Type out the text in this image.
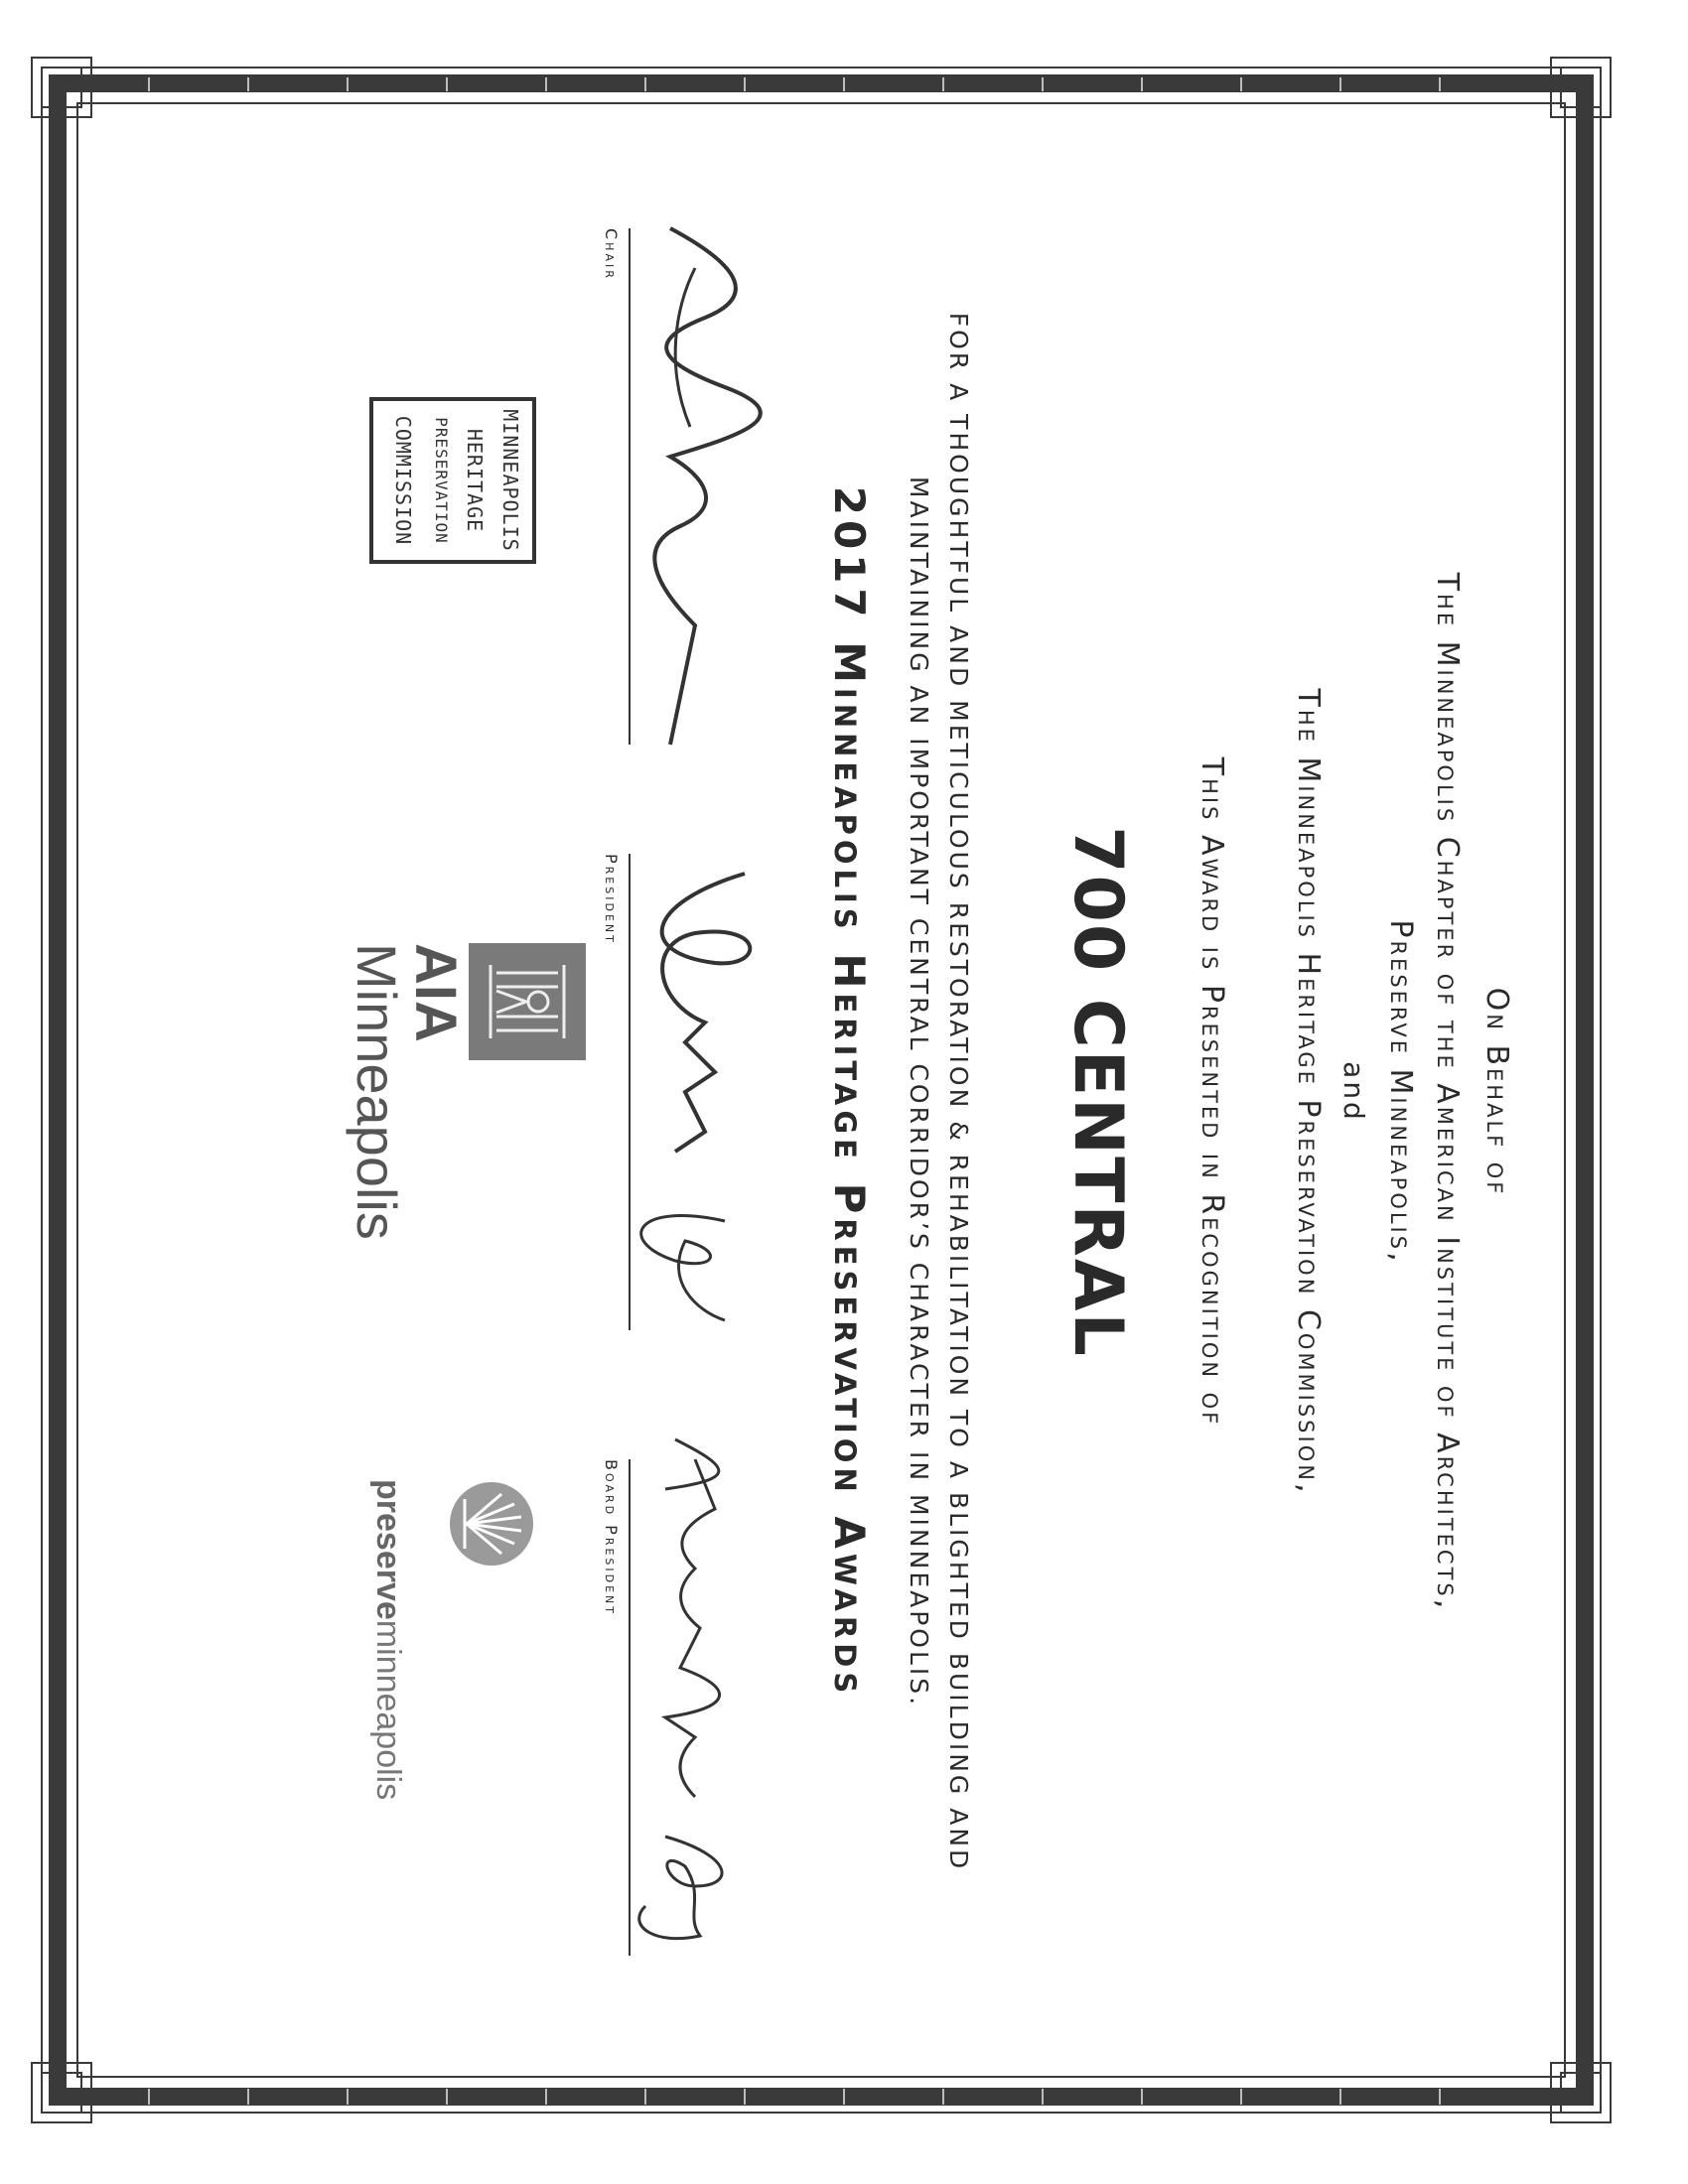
On Behalf of
The Minneapolis Chapter of the American Institute of Architects,
Preserve Minneapolis,
and
The Minneapolis Heritage Preservation Commission,
This Award is Presented in Recognition of
700 CENTRAL
FOR A THOUGHTFUL AND METICULOUS RESTORATION & REHABILITATION TO A BLIGHTED BUILDING AND
MAINTAINING AN IMPORTANT CENTRAL CORRIDOR’S CHARACTER IN MINNEAPOLIS.
2017 Minneapolis Heritage Preservation Awards
Chair
President
Board President
MINNEAPOLIS
HERITAGE
PRESERVATION
COMMISSION
AIA
Minneapolis
preserveminneapolis
